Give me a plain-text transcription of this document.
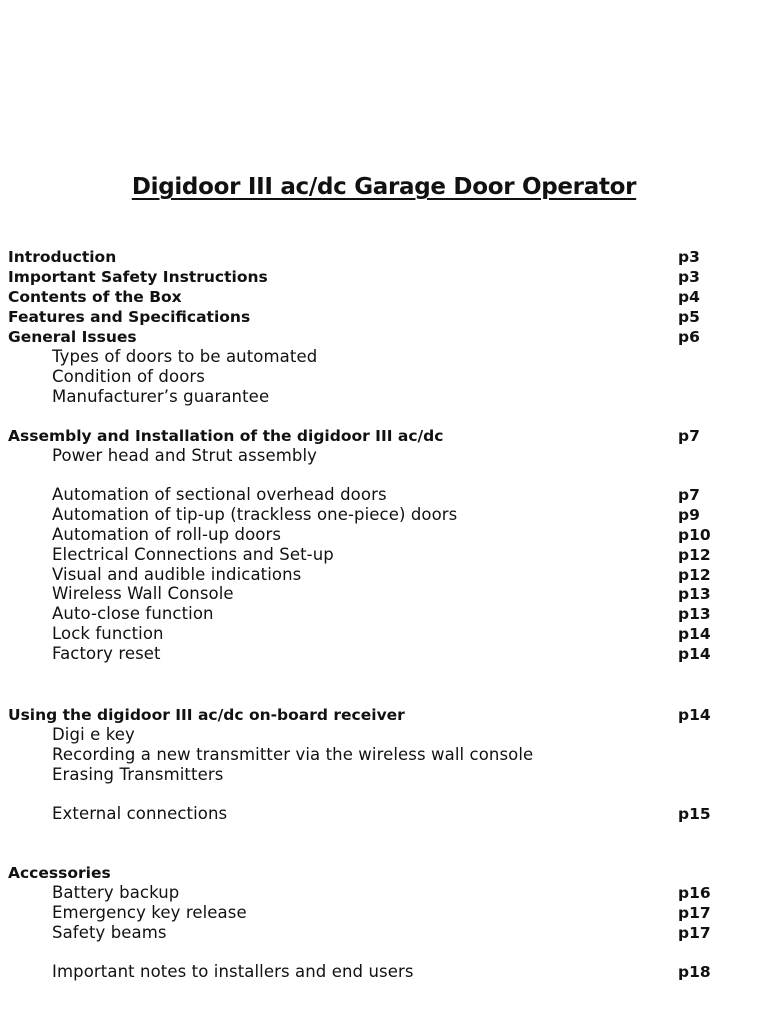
Digidoor III ac/dc Garage Door Operator
Introduction	p3
Important Safety Instructions	p3
Contents of the Box	p4
Features and Specifications	p5
General Issues	p6
Types of doors to be automated
Condition of doors
Manufacturer’s guarantee
Assembly and Installation of the digidoor III ac/dc	p7
Power head and Strut assembly
Automation of sectional overhead doors	p7
Automation of tip-up (trackless one-piece) doors	p9
Automation of roll-up doors	p10
Electrical Connections and Set-up	p12
Visual and audible indications	p12
Wireless Wall Console	p13
Auto-close function	p13
Lock function	p14
Factory reset	p14
Using the digidoor III ac/dc on-board receiver	p14
Digi e key
Recording a new transmitter via the wireless wall console
Erasing Transmitters
External connections	p15
Accessories
Battery backup	p16
Emergency key release	p17
Safety beams	p17
Important notes to installers and end users	p18
